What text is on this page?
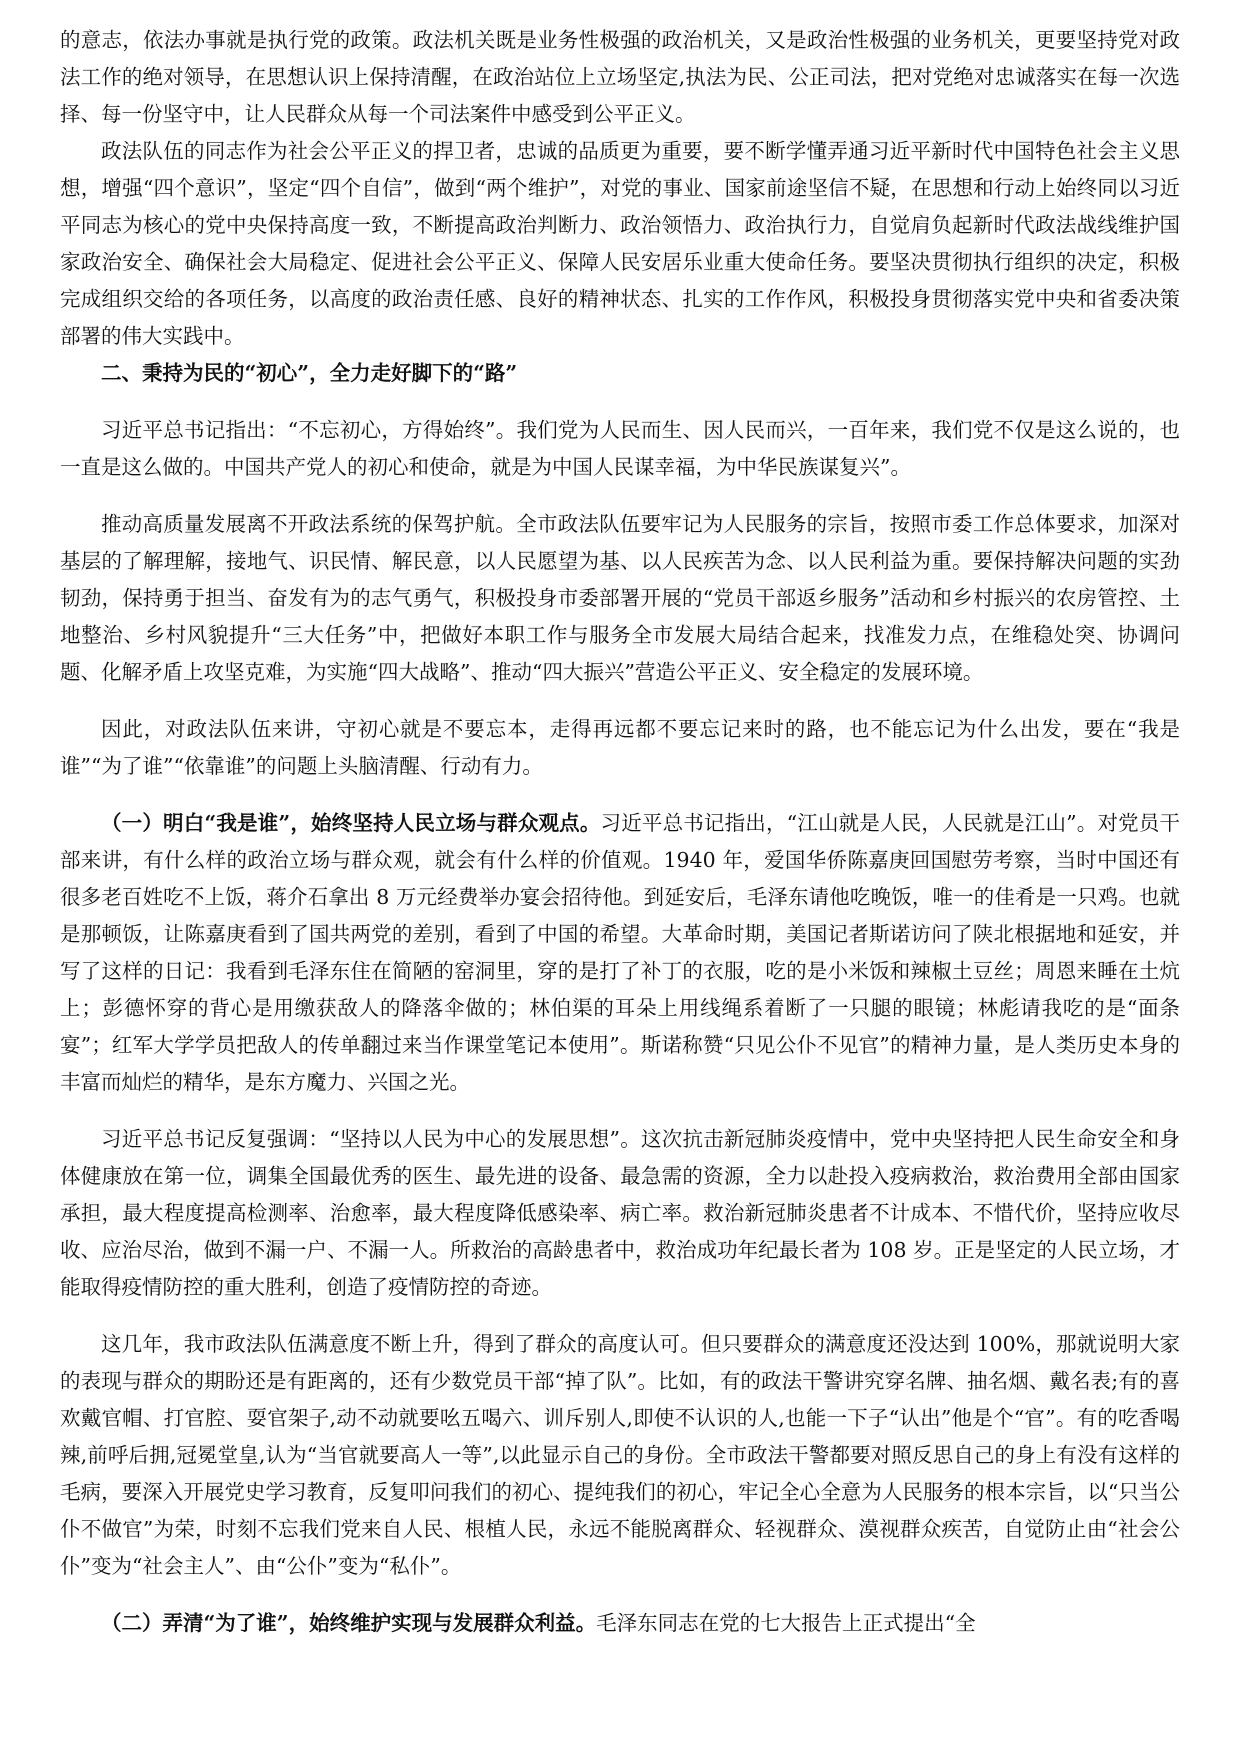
的意志，依法办事就是执行党的政策。政法机关既是业务性极强的政治机关，又是政治性极强的业务机关，更要坚持党对政法工作的绝对领导，在思想认识上保持清醒，在政治站位上立场坚定,执法为民、公正司法，把对党绝对忠诚落实在每一次选择、每一份坚守中，让人民群众从每一个司法案件中感受到公平正义。

政法队伍的同志作为社会公平正义的捍卫者，忠诚的品质更为重要，要不断学懂弄通习近平新时代中国特色社会主义思想，增强“四个意识”，坚定“四个自信”，做到“两个维护”，对党的事业、国家前途坚信不疑，在思想和行动上始终同以习近平同志为核心的党中央保持高度一致，不断提高政治判断力、政治领悟力、政治执行力，自觉肩负起新时代政法战线维护国家政治安全、确保社会大局稳定、促进社会公平正义、保障人民安居乐业重大使命任务。要坚决贯彻执行组织的决定，积极完成组织交给的各项任务，以高度的政治责任感、良好的精神状态、扎实的工作作风，积极投身贯彻落实党中央和省委决策部署的伟大实践中。

二、秉持为民的“初心”，全力走好脚下的“路”

习近平总书记指出：“不忘初心，方得始终”。我们党为人民而生、因人民而兴，一百年来，我们党不仅是这么说的，也一直是这么做的。中国共产党人的初心和使命，就是为中国人民谋幸福，为中华民族谋复兴”。

推动高质量发展离不开政法系统的保驾护航。全市政法队伍要牢记为人民服务的宗旨，按照市委工作总体要求，加深对基层的了解理解，接地气、识民情、解民意，以人民愿望为基、以人民疾苦为念、以人民利益为重。要保持解决问题的实劲韧劲，保持勇于担当、奋发有为的志气勇气，积极投身市委部署开展的“党员干部返乡服务”活动和乡村振兴的农房管控、土地整治、乡村风貌提升“三大任务”中，把做好本职工作与服务全市发展大局结合起来，找准发力点，在维稳处突、协调问题、化解矛盾上攻坚克难，为实施“四大战略”、推动“四大振兴”营造公平正义、安全稳定的发展环境。

因此，对政法队伍来讲，守初心就是不要忘本，走得再远都不要忘记来时的路，也不能忘记为什么出发，要在“我是谁”“为了谁”“依靠谁”的问题上头脑清醒、行动有力。

（一）明白“我是谁”，始终坚持人民立场与群众观点。习近平总书记指出，“江山就是人民，人民就是江山”。对党员干部来讲，有什么样的政治立场与群众观，就会有什么样的价值观。1940 年，爱国华侨陈嘉庚回国慰劳考察，当时中国还有很多老百姓吃不上饭，蒋介石拿出 8 万元经费举办宴会招待他。到延安后，毛泽东请他吃晚饭，唯一的佳肴是一只鸡。也就是那顿饭，让陈嘉庚看到了国共两党的差别，看到了中国的希望。大革命时期，美国记者斯诺访问了陕北根据地和延安，并写了这样的日记：我看到毛泽东住在简陋的窑洞里，穿的是打了补丁的衣服，吃的是小米饭和辣椒土豆丝；周恩来睡在土炕上；彭德怀穿的背心是用缴获敌人的降落伞做的；林伯渠的耳朵上用线绳系着断了一只腿的眼镜；林彪请我吃的是“面条宴”；红军大学学员把敌人的传单翻过来当作课堂笔记本使用”。斯诺称赞“只见公仆不见官”的精神力量，是人类历史本身的丰富而灿烂的精华，是东方魔力、兴国之光。

习近平总书记反复强调：“坚持以人民为中心的发展思想”。这次抗击新冠肺炎疫情中，党中央坚持把人民生命安全和身体健康放在第一位，调集全国最优秀的医生、最先进的设备、最急需的资源，全力以赴投入疫病救治，救治费用全部由国家承担，最大程度提高检测率、治愈率，最大程度降低感染率、病亡率。救治新冠肺炎患者不计成本、不惜代价，坚持应收尽收、应治尽治，做到不漏一户、不漏一人。所救治的高龄患者中，救治成功年纪最长者为 108 岁。正是坚定的人民立场，才能取得疫情防控的重大胜利，创造了疫情防控的奇迹。

这几年，我市政法队伍满意度不断上升，得到了群众的高度认可。但只要群众的满意度还没达到 100%，那就说明大家的表现与群众的期盼还是有距离的，还有少数党员干部“掉了队”。比如，有的政法干警讲究穿名牌、抽名烟、戴名表;有的喜欢戴官帽、打官腔、耍官架子,动不动就要吆五喝六、训斥别人,即使不认识的人,也能一下子“认出”他是个“官”。有的吃香喝辣,前呼后拥,冠冕堂皇,认为“当官就要高人一等”,以此显示自己的身份。全市政法干警都要对照反思自己的身上有没有这样的毛病，要深入开展党史学习教育，反复叩问我们的初心、提纯我们的初心，牢记全心全意为人民服务的根本宗旨，以“只当公仆不做官”为荣，时刻不忘我们党来自人民、根植人民，永远不能脱离群众、轻视群众、漠视群众疾苦，自觉防止由“社会公仆”变为“社会主人”、由“公仆”变为“私仆”。

（二）弄清“为了谁”，始终维护实现与发展群众利益。毛泽东同志在党的七大报告上正式提出“全
